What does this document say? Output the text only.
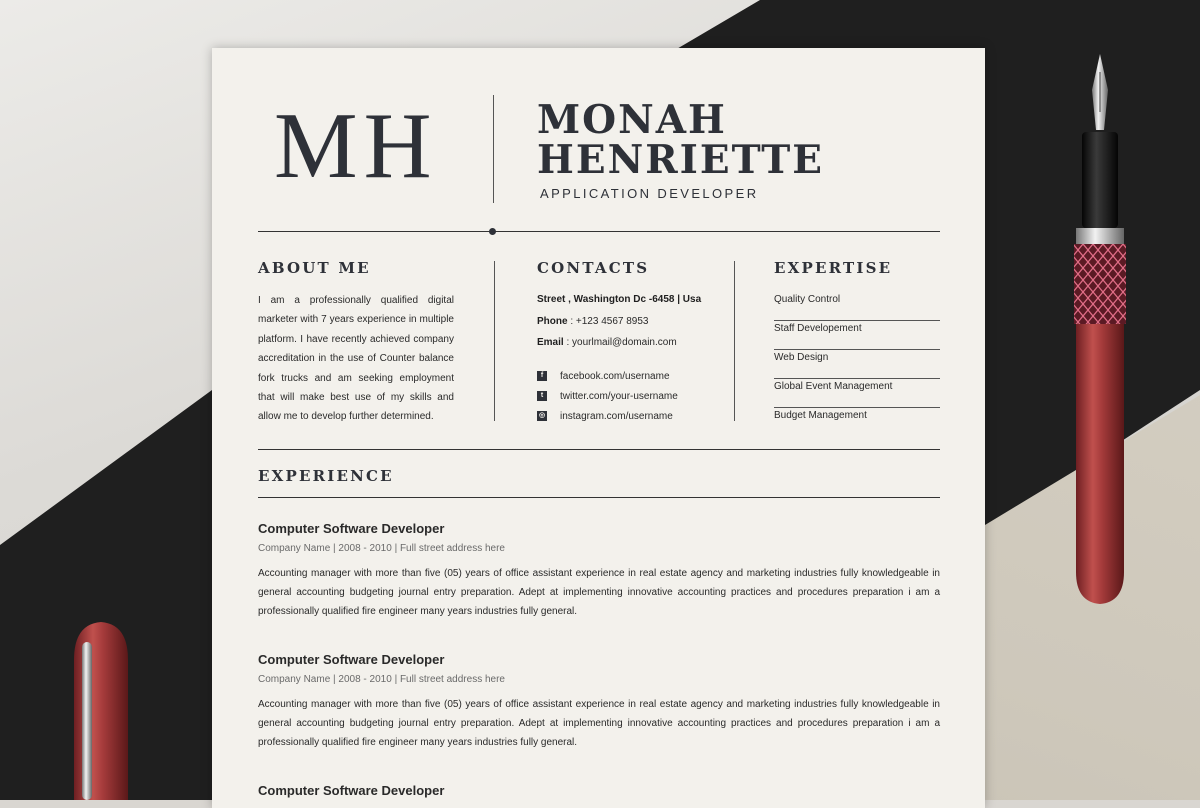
MH	MONAH
HENRIETTE
APPLICATION DEVELOPER
ABOUT ME
I am a professionally qualified digital marketer with 7 years experience in multiple platform. I have recently achieved company accreditation in the use of Counter balance fork trucks and am seeking employment that will make best use of my skills and allow me to develop further determined.
CONTACTS
Street , Washington Dc -6458 | Usa
Phone : +123 4567 8953
Email : yourlmail@domain.com
f	facebook.com/username
t	twitter.com/your-username
◎ instagram.com/username
EXPERTISE
Quality Control
Staff Developement
Web Design
Global Event Management
Budget Management
EXPERIENCE
Computer Software Developer
Company Name | 2008 - 2010 | Full street address here
Accounting manager with more than five (05) years of office assistant experience in real estate agency and marketing industries fully knowledgeable in general accounting budgeting journal entry preparation. Adept at implementing innovative accounting practices and procedures preparation i am a professionally qualified fire engineer many years industries fully general.
Computer Software Developer
Company Name | 2008 - 2010 | Full street address here
Accounting manager with more than five (05) years of office assistant experience in real estate agency and marketing industries fully knowledgeable in general accounting budgeting journal entry preparation. Adept at implementing innovative accounting practices and procedures preparation i am a professionally qualified fire engineer many years industries fully general.
Computer Software Developer
